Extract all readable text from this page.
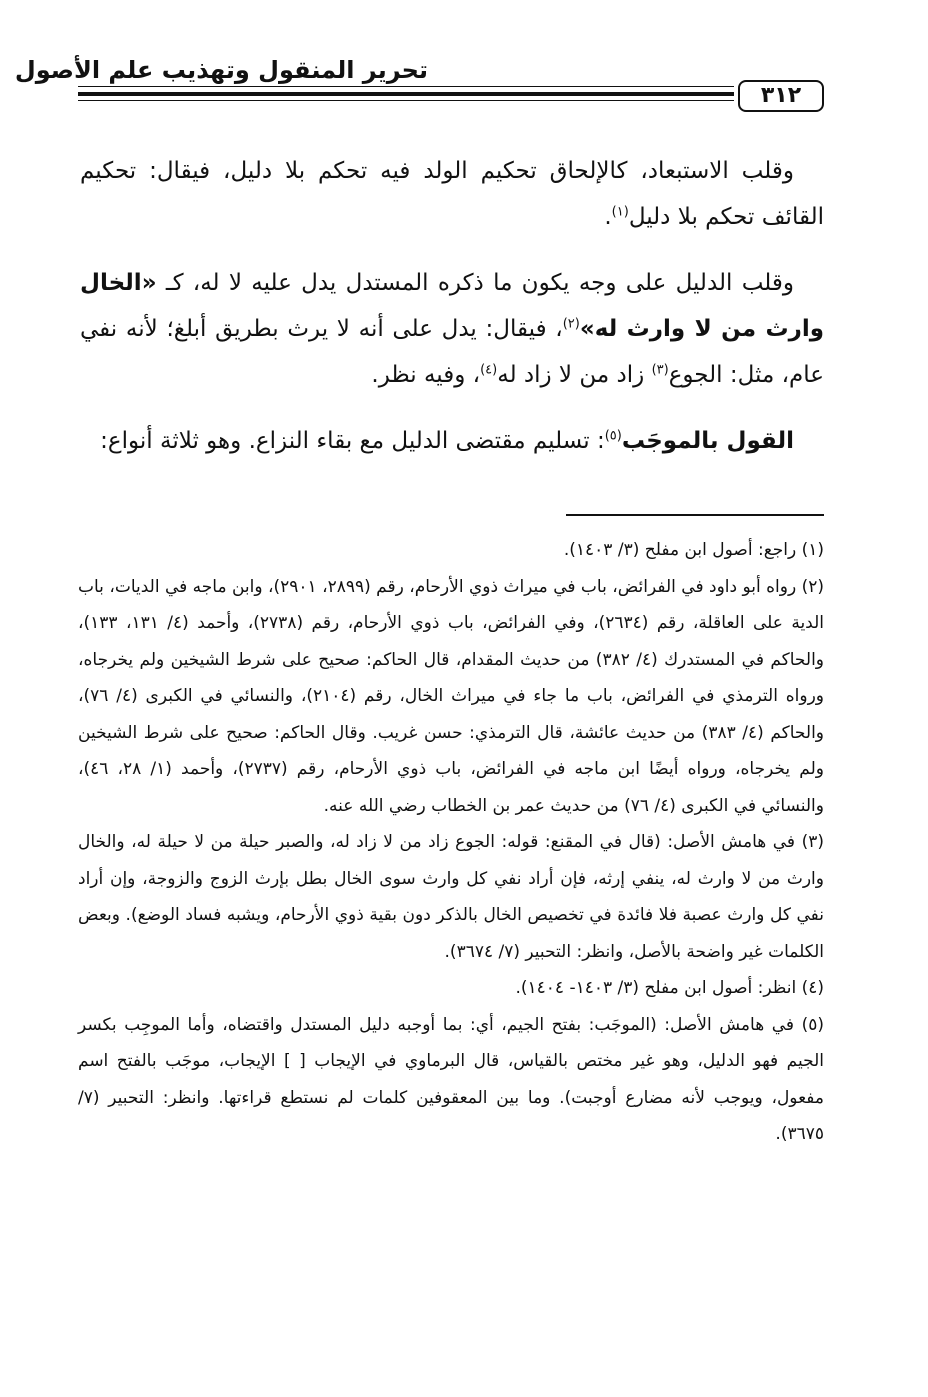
تحرير المنقول وتهذيب علم الأصول
٣١٢

وقلب الاستبعاد، كالإلحاق تحكيم الولد فيه تحكم بلا دليل، فيقال: تحكيم القائف تحكم بلا دليل$^{(١)}$.

وقلب الدليل على وجه يكون ما ذكره المستدل يدل عليه لا له، كـ «الخال وارث من لا وارث له»$^{(٢)}$، فيقال: يدل على أنه لا يرث بطريق أبلغ؛ لأنه نفي عام، مثل: الجوع$^{(٣)}$ زاد من لا زاد له$^{(٤)}$، وفيه نظر.

القول بالموجَب$^{(٥)}$: تسليم مقتضى الدليل مع بقاء النزاع. وهو ثلاثة أنواع:

(١) راجع: أصول ابن مفلح (٣/ ١٤٠٣).

(٢) رواه أبو داود في الفرائض، باب في ميراث ذوي الأرحام، رقم (٢٨٩٩، ٢٩٠١)، وابن ماجه في الديات، باب الدية على العاقلة، رقم (٢٦٣٤)، وفي الفرائض، باب ذوي الأرحام، رقم (٢٧٣٨)، وأحمد (٤/ ١٣١، ١٣٣)، والحاكم في المستدرك (٤/ ٣٨٢) من حديث المقدام، قال الحاكم: صحيح على شرط الشيخين ولم يخرجاه، ورواه الترمذي في الفرائض، باب ما جاء في ميراث الخال، رقم (٢١٠٤)، والنسائي في الكبرى (٤/ ٧٦)، والحاكم (٤/ ٣٨٣) من حديث عائشة، قال الترمذي: حسن غريب. وقال الحاكم: صحيح على شرط الشيخين ولم يخرجاه، ورواه أيضًا ابن ماجه في الفرائض، باب ذوي الأرحام، رقم (٢٧٣٧)، وأحمد (١/ ٢٨، ٤٦)، والنسائي في الكبرى (٤/ ٧٦) من حديث عمر بن الخطاب رضي الله عنه.

(٣) في هامش الأصل: (قال في المقنع: قوله: الجوع زاد من لا زاد له، والصبر حيلة من لا حيلة له، والخال وارث من لا وارث له، ينفي إرثه، فإن أراد نفي كل وارث سوى الخال بطل بإرث الزوج والزوجة، وإن أراد نفي كل وارث عصبة فلا فائدة في تخصيص الخال بالذكر دون بقية ذوي الأرحام، ويشبه فساد الوضع). وبعض الكلمات غير واضحة بالأصل، وانظر: التحبير (٧/ ٣٦٧٤).

(٤) انظر: أصول ابن مفلح (٣/ ١٤٠٣- ١٤٠٤).

(٥) في هامش الأصل: (الموجَب: بفتح الجيم، أي: بما أوجبه دليل المستدل واقتضاه، وأما الموجِب بكسر الجيم فهو الدليل، وهو غير مختص بالقياس، قال البرماوي في الإيجاب [ ] الإيجاب، موجَب بالفتح اسم مفعول، ويوجب لأنه مضارع أوجبت). وما بين المعقوفين كلمات لم نستطع قراءتها. وانظر: التحبير (٧/ ٣٦٧٥).
